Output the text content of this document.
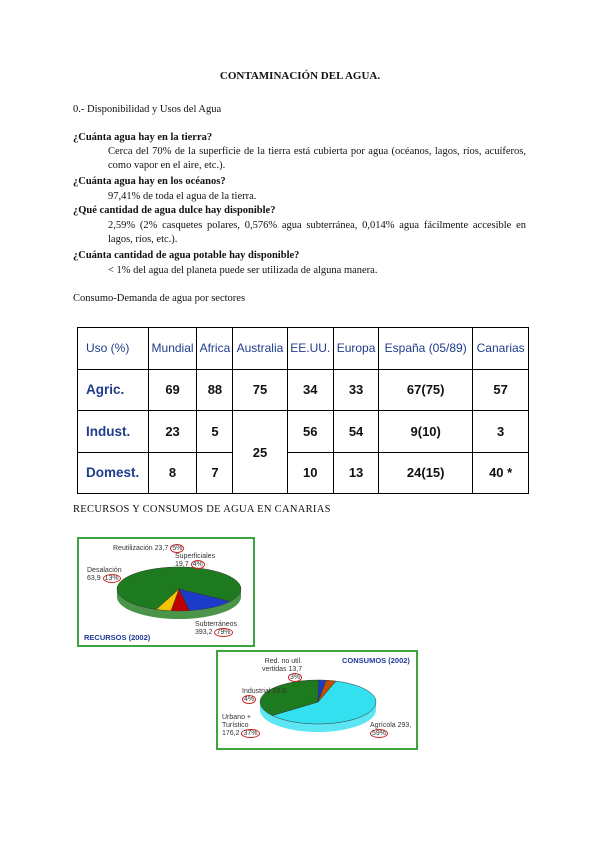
CONTAMINACIÓN DEL AGUA.
0.- Disponibilidad y Usos del Agua
¿Cuánta agua hay en la tierra?
Cerca del 70% de la superficie de la tierra está cubierta por agua (océanos, lagos, ríos, acuíferos, como vapor en el aire, etc.).
¿Cuánta agua hay en los océanos?
97,41% de toda el agua de la tierra.
¿Qué cantidad de agua dulce hay disponible?
2,59% (2% casquetes polares, 0,576% agua subterránea, 0,014% agua fácilmente accesible en lagos, ríos, etc.).
¿Cuánta cantidad de agua potable hay disponible?
< 1% del agua del planeta puede ser utilizada de alguna manera.
Consumo-Demanda de agua por sectores
Uso (%)	Mundial	Africa	Australia	EE.UU.	Europa	España (05/89)	Canarias
Agric.	69	88	75	34	33	67(75)	57
Indust.	23	5	25	56	54	9(10)	3
Domest.	8	7		10	13	24(15)	40 *
RECURSOS Y CONSUMOS DE AGUA EN CANARIAS
Reutilización 23,7 5%
Superficiales
19,7 4%
Desalación
63,9 13%
Subterráneos
393,2 79%
RECURSOS (2002)
CONSUMOS (2002)
Red. no util.
vertidas 13,7
3%
Industrial 10,0
4%
Urbano +
Turístico
176,2 37%
Agrícola 293,
59%
